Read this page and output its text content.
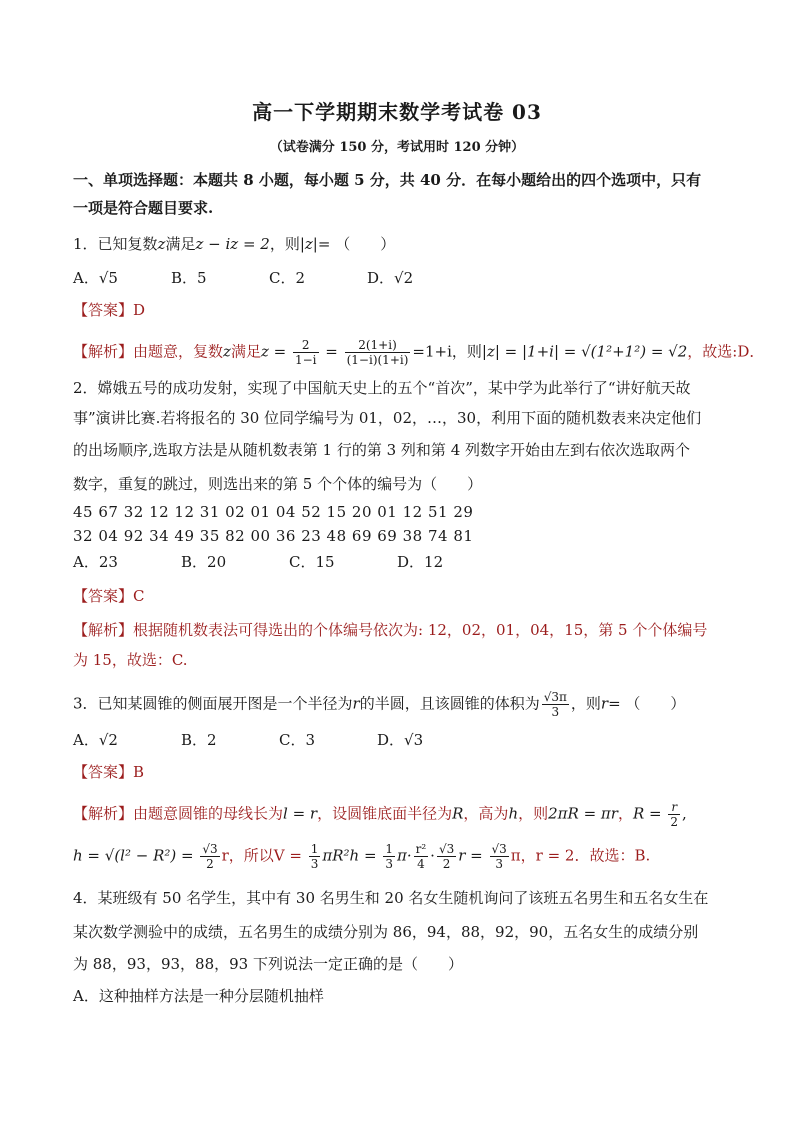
高一下学期期末数学考试卷 03
（试卷满分 150 分，考试用时 120 分钟）
一、单项选择题：本题共 8 小题，每小题 5 分，共 40 分．在每小题给出的四个选项中，只有
一项是符合题目要求.
1．已知复数z满足z − iz = 2，则|z|= （　　）
A．√5	B．5	C．2	D．√2
【答案】D
【解析】由题意，复数z满足$z = \frac{2}{1-i} = \frac{2(1+i)}{(1-i)(1+i)} =1+i$，则|z| = |1+i| = √(1²+1²) = √2，故选:D．
2．嫦娥五号的成功发射，实现了中国航天史上的五个“首次”，某中学为此举行了“讲好航天故
事”演讲比赛.若将报名的 30 位同学编号为 01，02，…，30，利用下面的随机数表来决定他们
的出场顺序,选取方法是从随机数表第 1 行的第 3 列和第 4 列数字开始由左到右依次选取两个
数字，重复的跳过，则选出来的第 5 个个体的编号为（　　）
45 67 32 12 12 31 02 01 04 52 15 20 01 12 51 29
32 04 92 34 49 35 82 00 36 23 48 69 69 38 74 81
A．23	B．20	C．15	D．12
【答案】C
【解析】根据随机数表法可得选出的个体编号依次为: 12，02，01，04，15，第 5 个个体编号
为 15，故选：C.
3．已知某圆锥的侧面展开图是一个半径为r的半圆，且该圆锥的体积为 $\frac{√3\pi}{3}$ ，则r= （　　）
A．√2	B．2	C．3	D．√3
【答案】B
【解析】由题意圆锥的母线长为l = r，设圆锥底面半径为R，高为h，则2πR = πr，$R = \frac{r}{2}$ ,
$h = √(l^2 - R^2) = \frac{√3}{2}$ r，所以$V = \frac{1}{3} \pi R^2h = \frac{1}{3} \pi\cdot \frac{\text{r²}}{4} \cdot \frac{√3}{2}$ $r = \frac{√3}{3}$ π，r = 2．故选：B.
4．某班级有 50 名学生，其中有 30 名男生和 20 名女生随机询问了该班五名男生和五名女生在
某次数学测验中的成绩，五名男生的成绩分别为 86，94，88，92，90，五名女生的成绩分别
为 88，93，93，88，93 下列说法一定正确的是（　　）
A．这种抽样方法是一种分层随机抽样
